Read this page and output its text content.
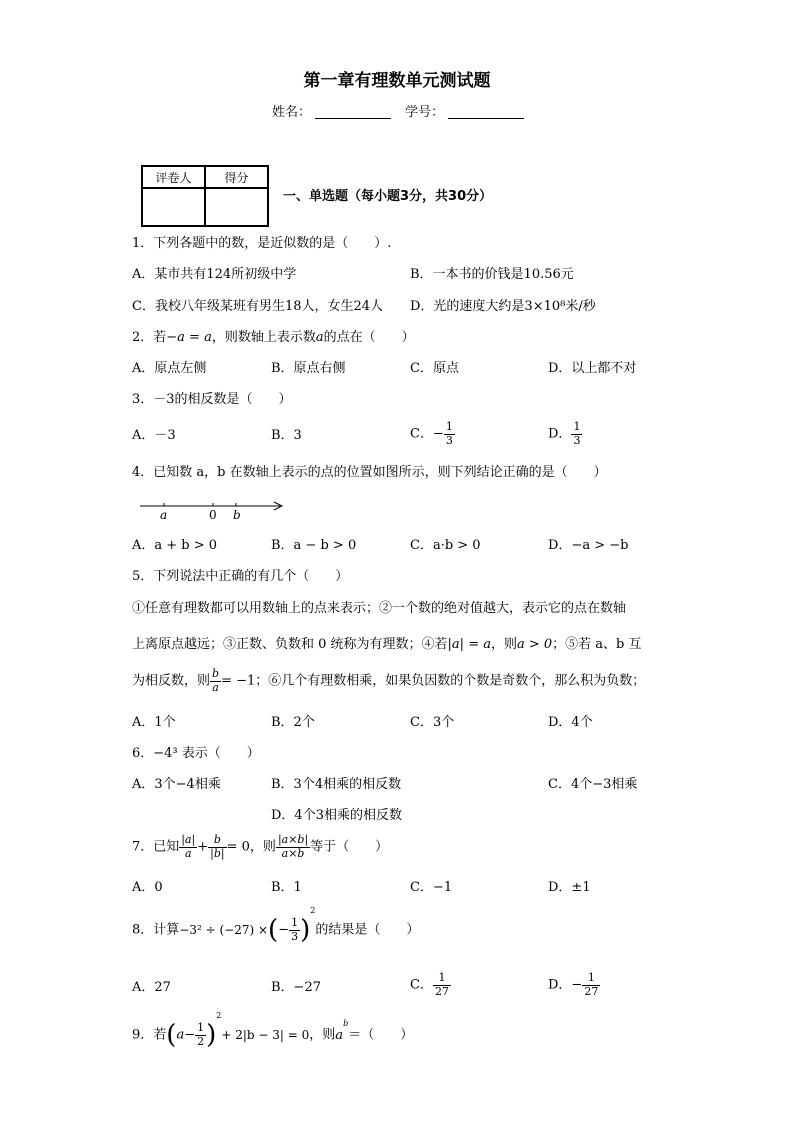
第一章有理数单元测试题
姓名：	学号：
评卷人	得分

一、单选题（每小题3分，共30分）
1．下列各题中的数，是近似数的是（　　）.
A．某市共有124所初级中学	B．一本书的价钱是10.56元
C．我校八年级某班有男生18人，女生24人 D．光的速度大约是3×10⁸米/秒
2．若−a = a，则数轴上表示数a的点在（　　）
A．原点左侧	B．原点右侧	C．原点	D．以上都不对
3．－3的相反数是（　　）
A．－3	B．3	C．− $\frac{1}{3}$	D． $\frac{1}{3}$
4．已知数 a，b 在数轴上表示的点的位置如图所示，则下列结论正确的是（　　）
a	0 b
A．a + b > 0	B．a − b > 0	C．a·b > 0	D．−a > −b
5．下列说法中正确的有几个（　　）
①任意有理数都可以用数轴上的点来表示；②一个数的绝对值越大，表示它的点在数轴
上离原点越远；③正数、负数和 0 统称为有理数；④若|a| = a，则a > 0；⑤若 a、b 互
为相反数，则 $\frac{b}{a} = -1$；⑥几个有理数相乘，如果负因数的个数是奇数个，那么积为负数；
A．1个	B．2个	C．3个	D．4个
6．−4³ 表示（　　）
A．3个−4相乘	B．3个4相乘的相反数	C．4个−3相乘
D．4个3相乘的相反数
7．已知 $\frac{|a|}{a} + \frac{b}{|b|} = 0$，则 $\frac{|a\times b|}{a\times b}$ 等于（　　）
A．0	B．1	C．−1	D．±1
8．计算−3² ÷ (−27) ×(− $\frac{1}{3} )^2$的结果是（　　）
A．27	B．−27	C． $\frac{1}{27}$	D．− $\frac{1}{27}$
9．若$(a- \frac{1}{2} )^2+ 2|b - 3| = 0$，则$a^b=$（　　）
